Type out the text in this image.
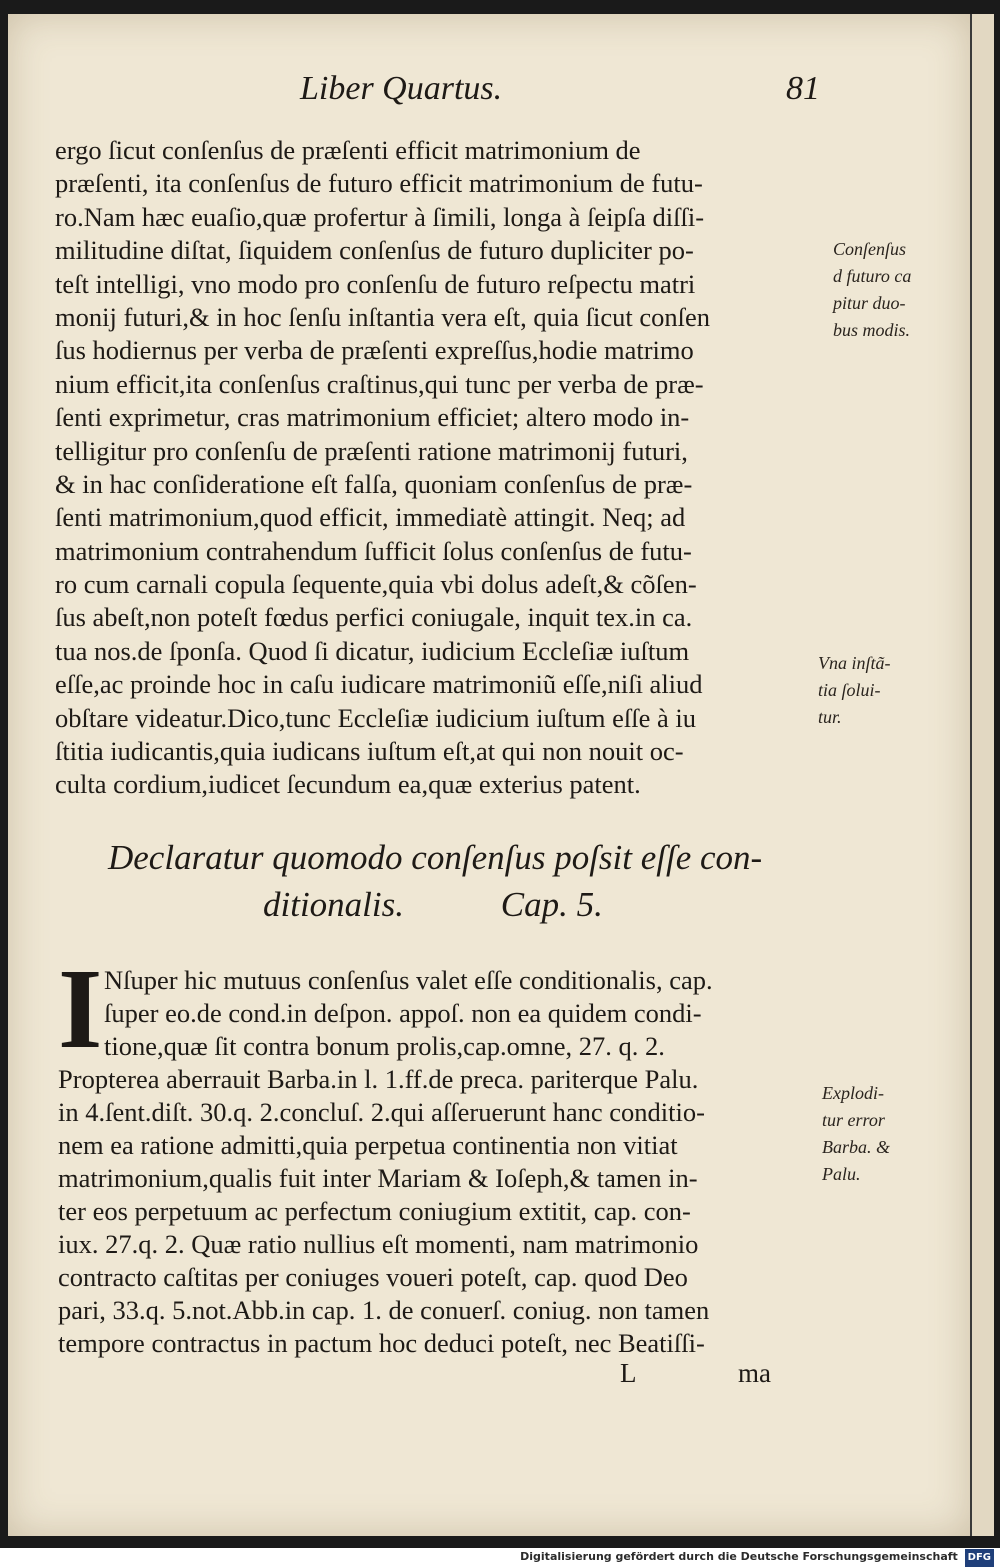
Liber Quartus.	81
ergo ſicut conſenſus de præſenti efficit matrimonium de
præſenti, ita conſenſus de futuro efficit matrimonium de futu-
ro.Nam hæc euaſio,quæ profertur à ſimili, longa à ſeipſa diſſi-
militudine diſtat, ſiquidem conſenſus de futuro dupliciter po-
teſt intelligi, vno modo pro conſenſu de futuro reſpectu matri
monij futuri,& in hoc ſenſu inſtantia vera eſt, quia ſicut conſen
ſus hodiernus per verba de præſenti expreſſus,hodie matrimo
nium efficit,ita conſenſus craſtinus,qui tunc per verba de præ-
ſenti exprimetur, cras matrimonium efficiet; altero modo in-
telligitur pro conſenſu de præſenti ratione matrimonij futuri,
& in hac conſideratione eſt falſa, quoniam conſenſus de præ-
ſenti matrimonium,quod efficit, immediatè attingit. Neq; ad
matrimonium contrahendum ſufficit ſolus conſenſus de futu-
ro cum carnali copula ſequente,quia vbi dolus adeſt,& cõſen-
ſus abeſt,non poteſt fœdus perfici coniugale, inquit tex.in ca.
tua nos.de ſponſa. Quod ſi dicatur, iudicium Eccleſiæ iuſtum
eſſe,ac proinde hoc in caſu iudicare matrimoniũ eſſe,niſi aliud
obſtare videatur.Dico,tunc Eccleſiæ iudicium iuſtum eſſe à iu
ſtitia iudicantis,quia iudicans iuſtum eſt,at qui non nouit oc-
culta cordium,iudicet ſecundum ea,quæ exterius patent.
Declaratur quomodo conſenſus poſsit eſſe con-
ditionalis.	Cap. 5.
I Nſuper hic mutuus conſenſus valet eſſe conditionalis, cap.
ſuper eo.de cond.in deſpon. appoſ. non ea quidem condi-
tione,quæ ſit contra bonum prolis,cap.omne, 27. q. 2.
Propterea aberrauit Barba.in l. 1.ff.de preca. pariterque Palu.
in 4.ſent.diſt. 30.q. 2.concluſ. 2.qui aſſeruerunt hanc conditio-
nem ea ratione admitti,quia perpetua continentia non vitiat
matrimonium,qualis fuit inter Mariam & Ioſeph,& tamen in-
ter eos perpetuum ac perfectum coniugium extitit, cap. con-
iux. 27.q. 2. Quæ ratio nullius eſt momenti, nam matrimonio
contracto caſtitas per coniuges voueri poteſt, cap. quod Deo
pari, 33.q. 5.not.Abb.in cap. 1. de conuerſ. coniug. non tamen
tempore contractus in pactum hoc deduci poteſt, nec Beatiſſi-
L	ma
Conſenſus
d futuro ca
pitur duo-
bus modis.
Vna inſtã-
tia ſolui-
tur.
Explodi-
tur error
Barba. &
Palu.
Digitalisierung gefördert durch die Deutsche Forschungsgemeinschaft DFG
